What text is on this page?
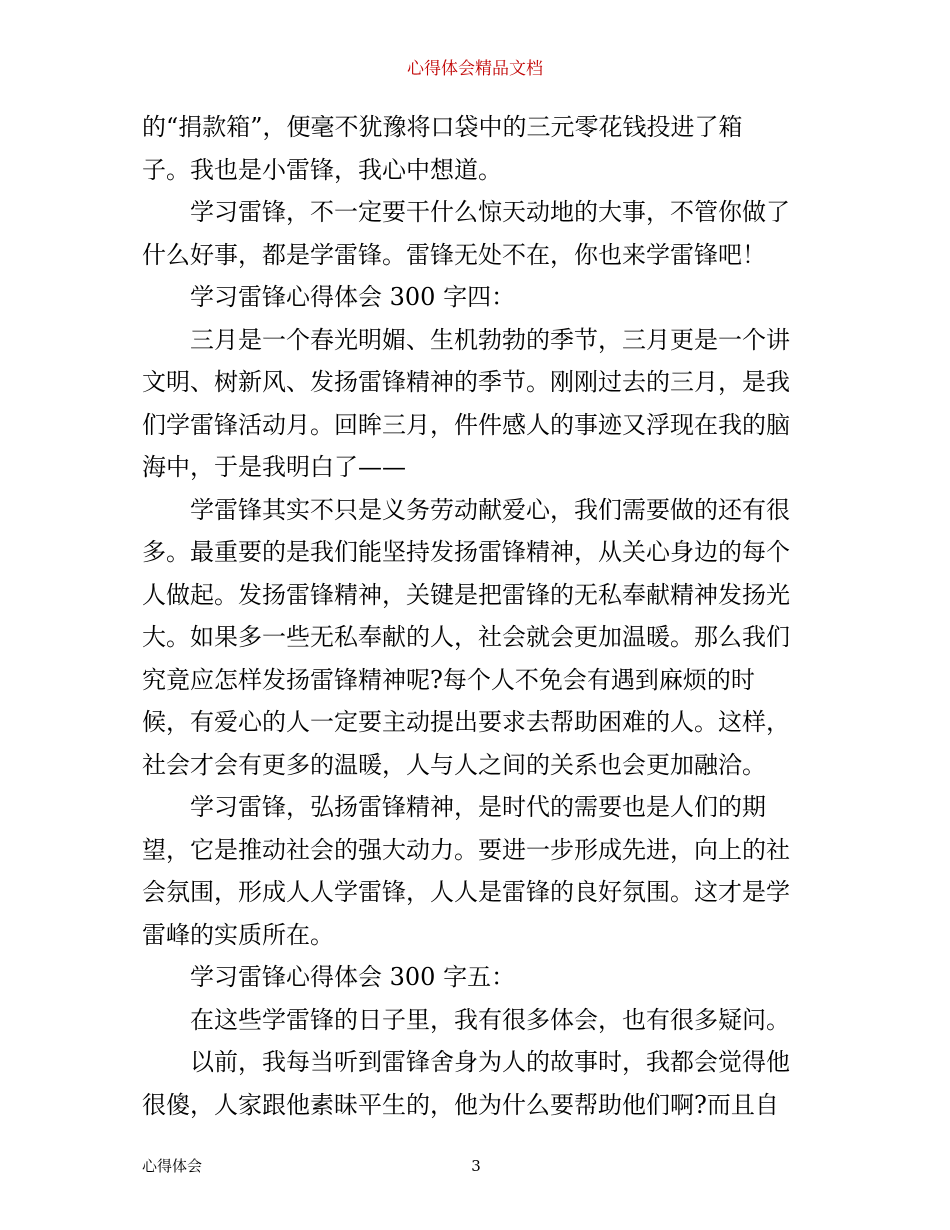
心得体会精品文档
的“捐款箱”，便毫不犹豫将口袋中的三元零花钱投进了箱
子。我也是小雷锋，我心中想道。
学习雷锋，不一定要干什么惊天动地的大事，不管你做了
什么好事，都是学雷锋。雷锋无处不在，你也来学雷锋吧！
学习雷锋心得体会 300 字四：
三月是一个春光明媚、生机勃勃的季节，三月更是一个讲
文明、树新风、发扬雷锋精神的季节。刚刚过去的三月，是我
们学雷锋活动月。回眸三月，件件感人的事迹又浮现在我的脑
海中，于是我明白了——
学雷锋其实不只是义务劳动献爱心，我们需要做的还有很
多。最重要的是我们能坚持发扬雷锋精神，从关心身边的每个
人做起。发扬雷锋精神，关键是把雷锋的无私奉献精神发扬光
大。如果多一些无私奉献的人，社会就会更加温暖。那么我们
究竟应怎样发扬雷锋精神呢?每个人不免会有遇到麻烦的时
候，有爱心的人一定要主动提出要求去帮助困难的人。这样，
社会才会有更多的温暖，人与人之间的关系也会更加融洽。
学习雷锋，弘扬雷锋精神，是时代的需要也是人们的期
望，它是推动社会的强大动力。要进一步形成先进，向上的社
会氛围，形成人人学雷锋，人人是雷锋的良好氛围。这才是学
雷峰的实质所在。
学习雷锋心得体会 300 字五：
在这些学雷锋的日子里，我有很多体会，也有很多疑问。
以前，我每当听到雷锋舍身为人的故事时，我都会觉得他
很傻，人家跟他素昧平生的，他为什么要帮助他们啊?而且自
心得体会	3
